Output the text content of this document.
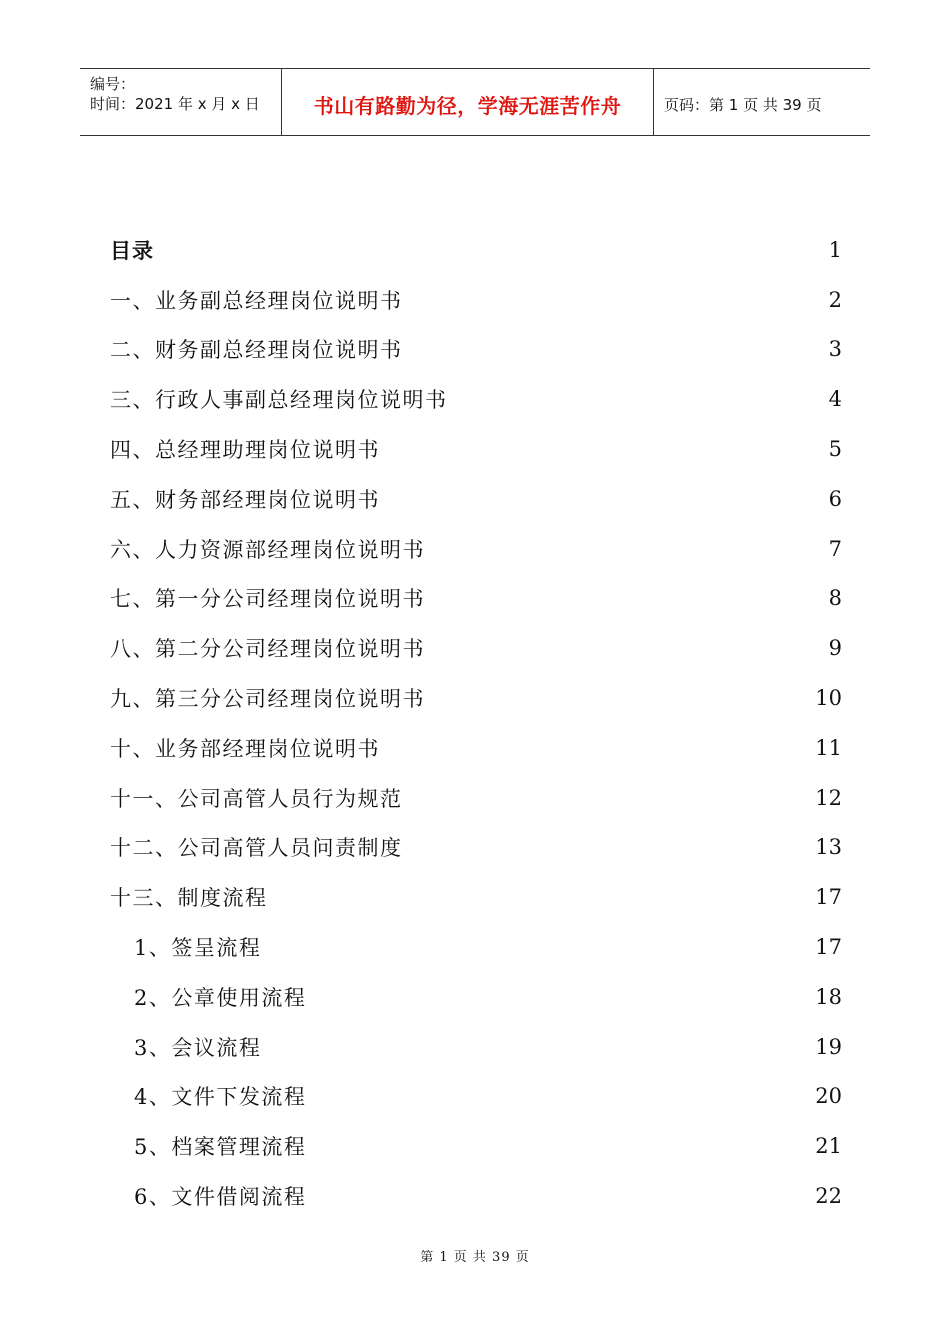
编号：
时间：2021 年 x 月 x 日	书山有路勤为径，学海无涯苦作舟	页码：第 1 页 共 39 页
目录	1
一、业务副总经理岗位说明书	2
二、财务副总经理岗位说明书	3
三、行政人事副总经理岗位说明书	4
四、总经理助理岗位说明书	5
五、财务部经理岗位说明书	6
六、人力资源部经理岗位说明书	7
七、第一分公司经理岗位说明书	8
八、第二分公司经理岗位说明书	9
九、第三分公司经理岗位说明书	10
十、业务部经理岗位说明书	11
十一、公司高管人员行为规范	12
十二、公司高管人员问责制度	13
十三、制度流程	17
1、签呈流程	17
2、公章使用流程	18
3、会议流程	19
4、文件下发流程	20
5、档案管理流程	21
6、文件借阅流程	22
第 1 页 共 39 页
